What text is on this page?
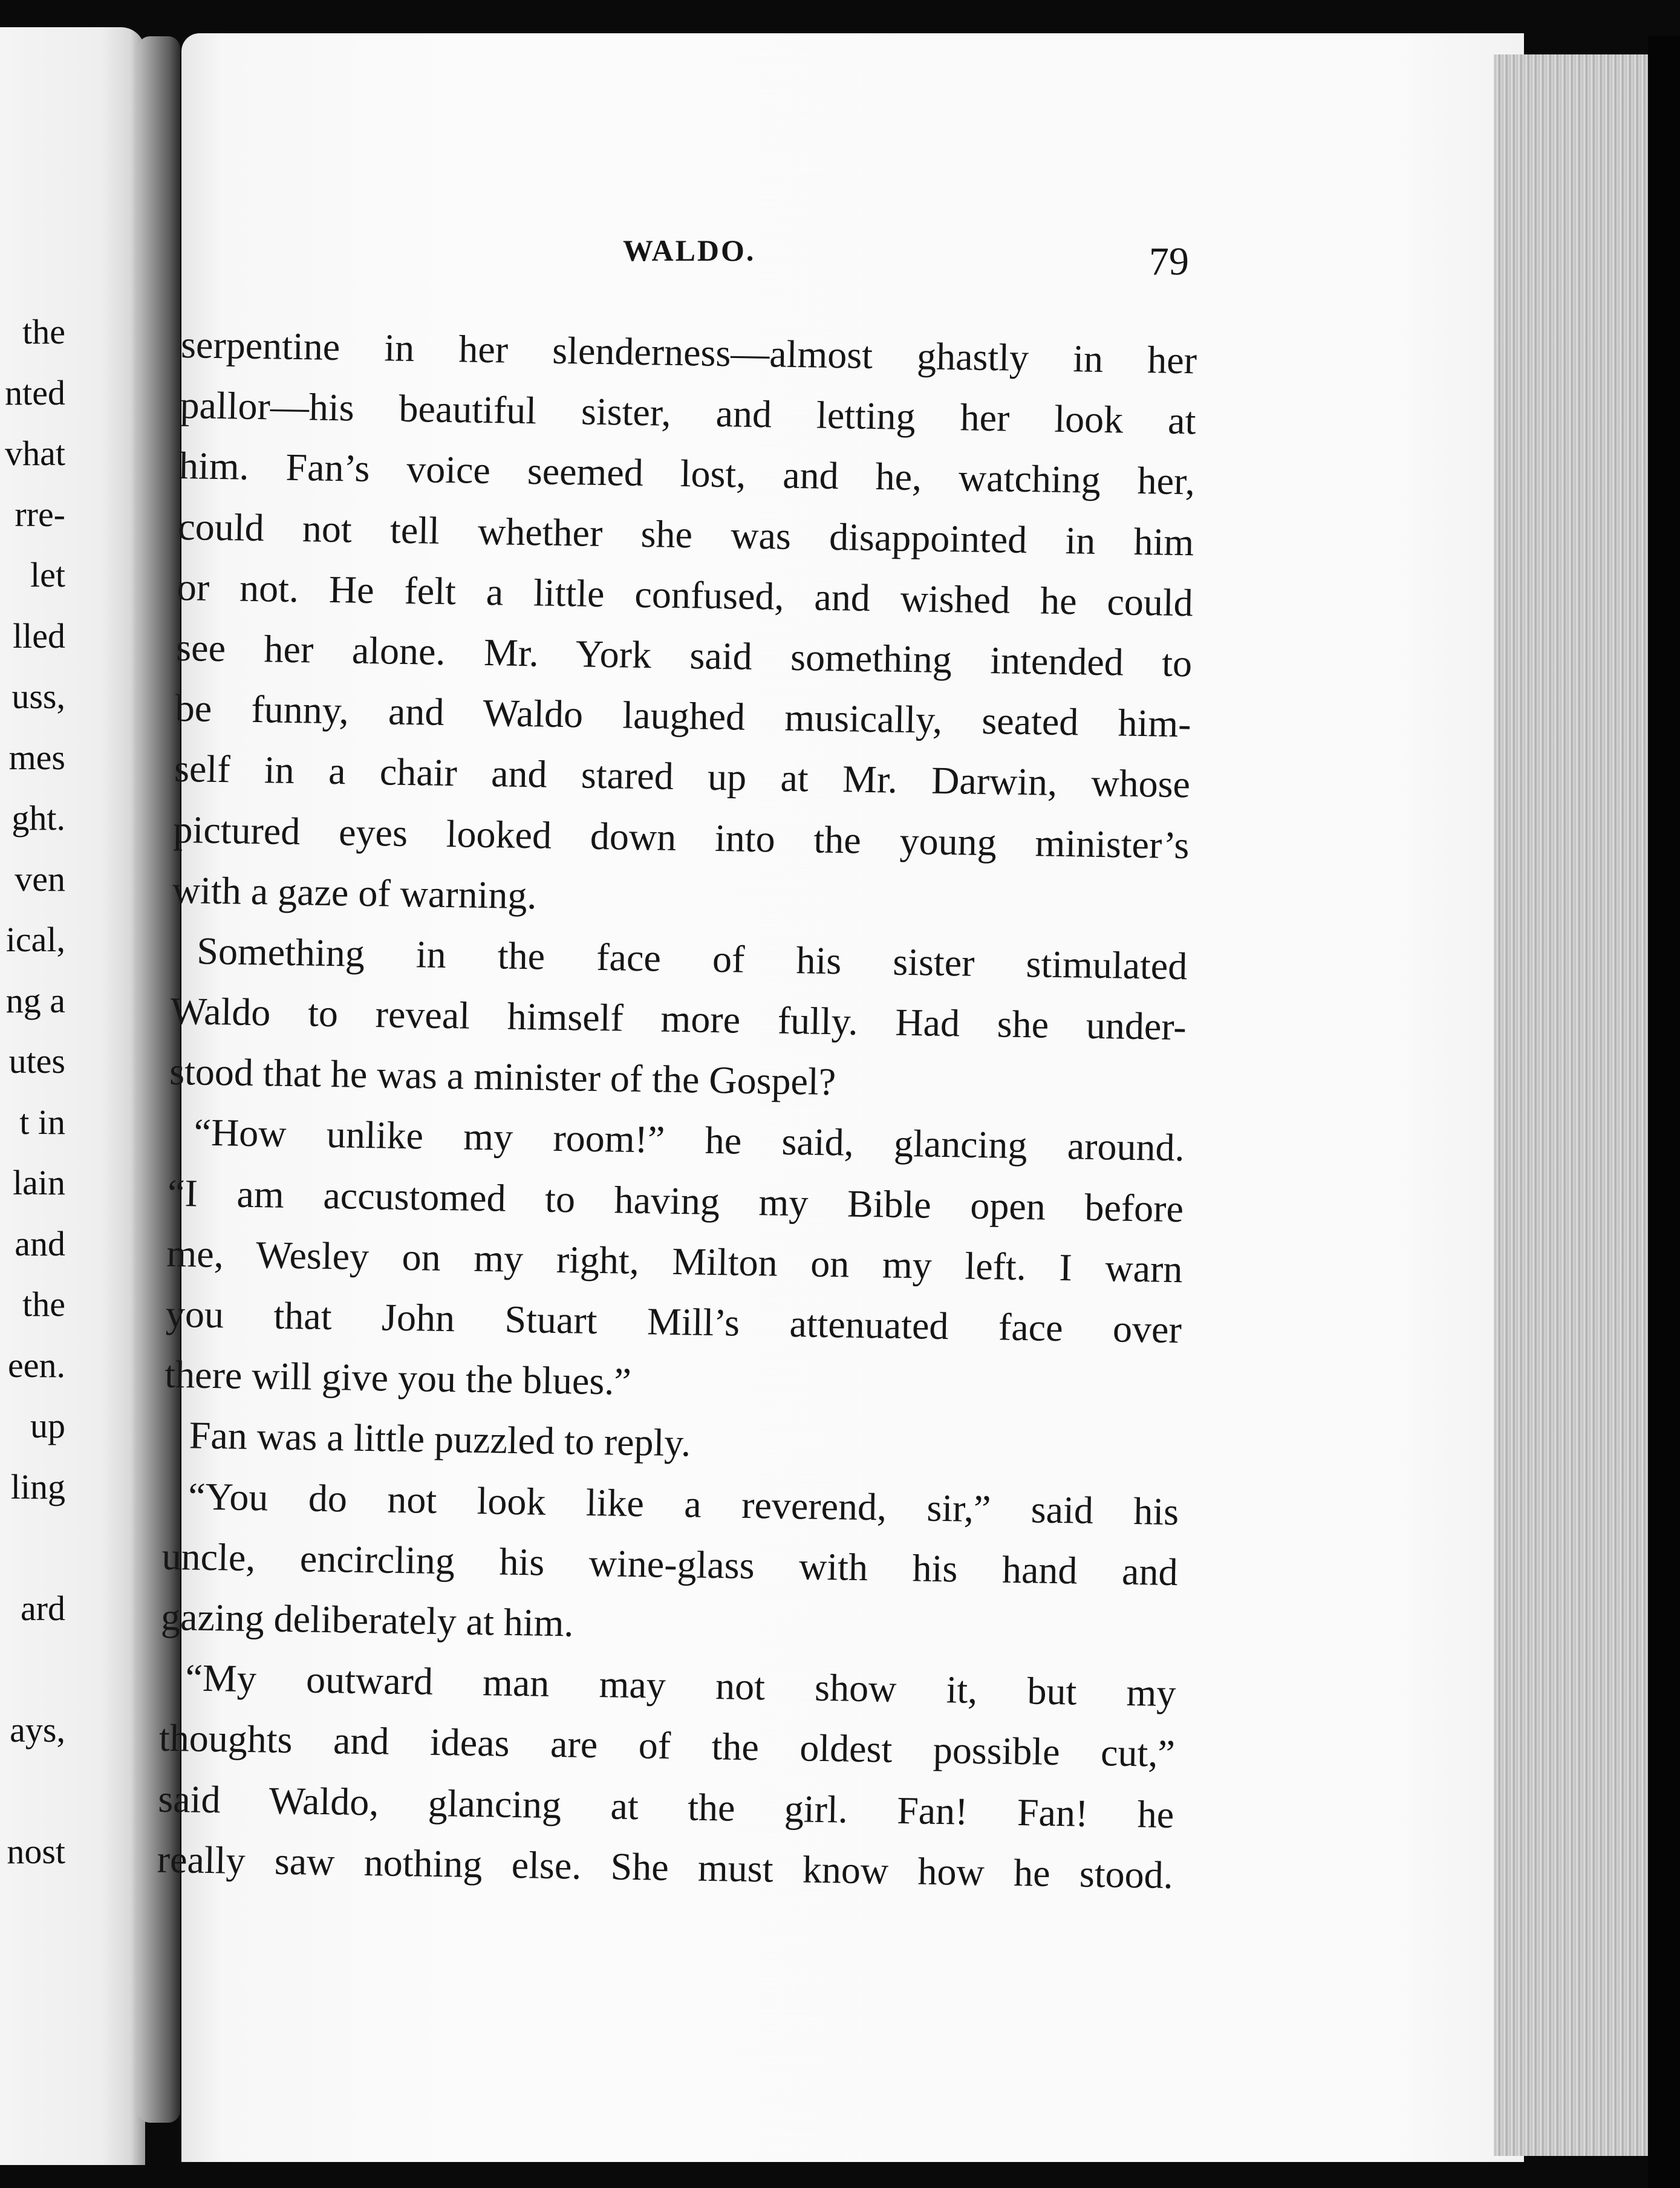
the
nted
vhat
rre-
let
lled
uss,
mes
ght.
ven
ical,
ng a
utes
t in
lain
and
the
een.
up
ling
ard
ays,
nost
WALDO.	79
serpentine in her slenderness—almost ghastly in her
pallor—his beautiful sister, and letting her look at
him. Fan’s voice seemed lost, and he, watching her,
could not tell whether she was disappointed in him
or not. He felt a little confused, and wished he could
see her alone. Mr. York said something intended to
be funny, and Waldo laughed musically, seated him-
self in a chair and stared up at Mr. Darwin, whose
pictured eyes looked down into the young minister’s
with a gaze of warning.
Something in the face of his sister stimulated
Waldo to reveal himself more fully. Had she under-
stood that he was a minister of the Gospel?
“How unlike my room!” he said, glancing around.
“I am accustomed to having my Bible open before
me, Wesley on my right, Milton on my left. I warn
you that John Stuart Mill’s attenuated face over
there will give you the blues.”
Fan was a little puzzled to reply.
“You do not look like a reverend, sir,” said his
uncle, encircling his wine-glass with his hand and
gazing deliberately at him.
“My outward man may not show it, but my
thoughts and ideas are of the oldest possible cut,”
said Waldo, glancing at the girl. Fan! Fan! he
really saw nothing else. She must know how he stood.
